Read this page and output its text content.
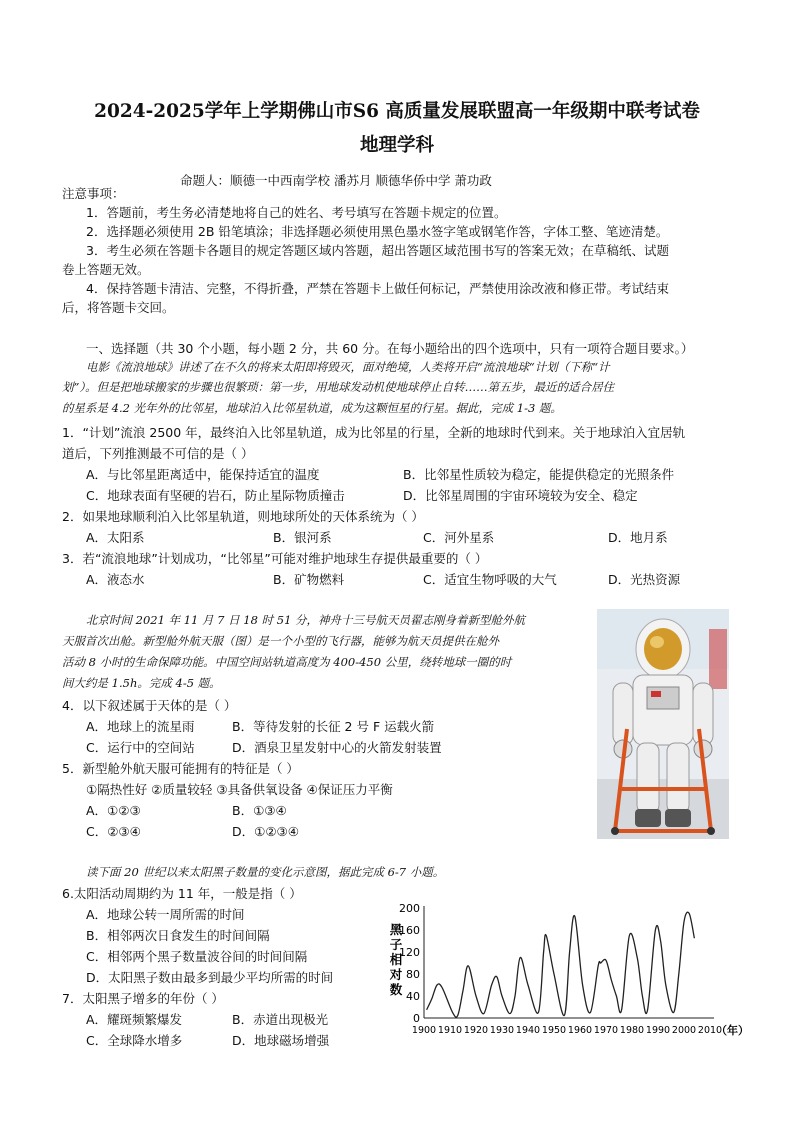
2024-2025学年上学期佛山市S6 高质量发展联盟高一年级期中联考试卷
地理学科
命题人：顺德一中西南学校 潘苏月 顺德华侨中学 萧功政
注意事项：
1．答题前，考生务必清楚地将自己的姓名、考号填写在答题卡规定的位置。
2．选择题必须使用 2B 铅笔填涂；非选择题必须使用黑色墨水签字笔或钢笔作答，字体工整、笔迹清楚。
3．考生必须在答题卡各题目的规定答题区域内答题，超出答题区域范围书写的答案无效；在草稿纸、试题
卷上答题无效。
4．保持答题卡清洁、完整，不得折叠，严禁在答题卡上做任何标记，严禁使用涂改液和修正带。考试结束
后，将答题卡交回。
一、选择题（共 30 个小题，每小题 2 分，共 60 分。在每小题给出的四个选项中，只有一项符合题目要求。）
电影《流浪地球》讲述了在不久的将来太阳即将毁灭，面对绝境，人类将开启“流浪地球“计划（下称“计
划”）。但是把地球搬家的步骤也很繁琐：第一步，用地球发动机使地球停止自转……第五步，最近的适合居住
的星系是 4.2 光年外的比邻星，地球泊入比邻星轨道，成为这颗恒星的行星。据此，完成 1-3 题。
1．“计划”流浪 2500 年，最终泊入比邻星轨道，成为比邻星的行星，全新的地球时代到来。关于地球泊入宜居轨
道后，下列推测最不可信的是（ ）
A．与比邻星距离适中，能保持适宜的温度	B．比邻星性质较为稳定，能提供稳定的光照条件
C．地球表面有坚硬的岩石，防止星际物质撞击	D．比邻星周围的宇宙环境较为安全、稳定
2．如果地球顺利泊入比邻星轨道，则地球所处的天体系统为（ ）
A．太阳系	B．银河系	C．河外星系	D．地月系
3．若“流浪地球”计划成功，“比邻星”可能对维护地球生存提供最重要的（ ）
A．液态水	B．矿物燃料	C．适宜生物呼吸的大气	D．光热资源
北京时间 2021 年 11 月 7 日 18 时 51 分，神舟十三号航天员翟志刚身着新型舱外航
天服首次出舱。新型舱外航天服（图）是一个小型的飞行器，能够为航天员提供在舱外
活动 8 小时的生命保障功能。中国空间站轨道高度为 400-450 公里，绕转地球一圈的时
间大约是 1.5h。完成 4-5 题。
4．以下叙述属于天体的是（ ）
A．地球上的流星雨	B．等待发射的长征 2 号 F 运载火箭
C．运行中的空间站	D．酒泉卫星发射中心的火箭发射装置
5．新型舱外航天服可能拥有的特征是（ ）
①隔热性好 ②质量较轻 ③具备供氧设备 ④保证压力平衡
A．①②③	B．①③④
C．②③④	D．①②③④
读下面 20 世纪以来太阳黑子数量的变化示意图，据此完成 6-7 小题。
6.太阳活动周期约为 11 年，一般是指（ ）
A．地球公转一周所需的时间
B．相邻两次日食发生的时间间隔
C．相邻两个黑子数量波谷间的时间间隔
D．太阳黑子数由最多到最少平均所需的时间
7．太阳黑子增多的年份（ ）
A．耀斑频繁爆发	B．赤道出现极光
C．全球降水增多	D．地球磁场增强
黑
子
相
对
数
0
40
80
120
160
200
1900 1910 1920 1930 1940 1950 1960 1970 1980 1990 2000 2010
（年）
